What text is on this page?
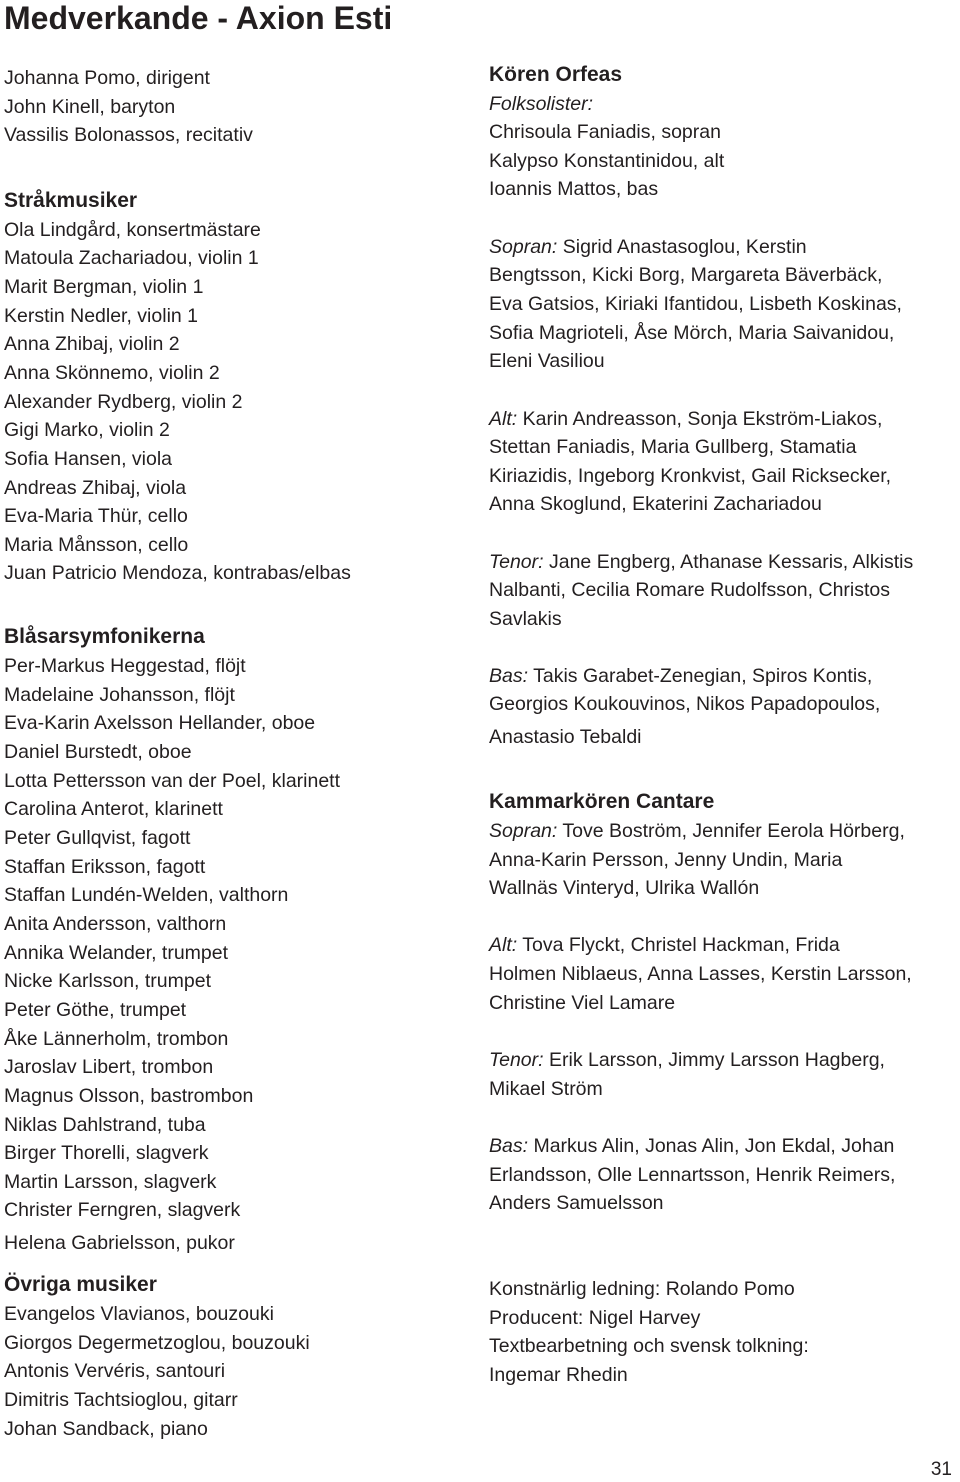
Medverkande - Axion Esti
Johanna Pomo, dirigent
John Kinell, baryton
Vassilis Bolonassos, recitativ
Stråkmusiker
Ola Lindgård, konsertmästare
Matoula Zachariadou, violin 1
Marit Bergman, violin 1
Kerstin Nedler, violin 1
Anna Zhibaj, violin 2
Anna Skönnemo, violin 2
Alexander Rydberg, violin 2
Gigi Marko, violin 2
Sofia Hansen, viola
Andreas Zhibaj, viola
Eva-Maria Thür, cello
Maria Månsson, cello
Juan Patricio Mendoza, kontrabas/elbas
Blåsarsymfonikerna
Per-Markus Heggestad, flöjt
Madelaine Johansson, flöjt
Eva-Karin Axelsson Hellander, oboe
Daniel Burstedt, oboe
Lotta Pettersson van der Poel, klarinett
Carolina Anterot, klarinett
Peter Gullqvist, fagott
Staffan Eriksson, fagott
Staffan Lundén-Welden, valthorn
Anita Andersson, valthorn
Annika Welander, trumpet
Nicke Karlsson, trumpet
Peter Göthe, trumpet
Åke Lännerholm, trombon
Jaroslav Libert, trombon
Magnus Olsson, bastrombon
Niklas Dahlstrand, tuba
Birger Thorelli, slagverk
Martin Larsson, slagverk
Christer Ferngren, slagverk
Helena Gabrielsson, pukor
Övriga musiker
Evangelos Vlavianos, bouzouki
Giorgos Degermetzoglou, bouzouki
Antonis Vervéris, santouri
Dimitris Tachtsioglou, gitarr
Johan Sandback, piano
Kören Orfeas
Folksolister:
Chrisoula Faniadis, sopran
Kalypso Konstantinidou, alt
Ioannis Mattos, bas
Sopran: Sigrid Anastasoglou, Kerstin
Bengtsson, Kicki Borg, Margareta Bäverbäck,
Eva Gatsios, Kiriaki Ifantidou, Lisbeth Koskinas,
Sofia Magrioteli, Åse Mörch, Maria Saivanidou,
Eleni Vasiliou
Alt: Karin Andreasson, Sonja Ekström-Liakos,
Stettan Faniadis, Maria Gullberg, Stamatia
Kiriazidis, Ingeborg Kronkvist, Gail Ricksecker,
Anna Skoglund, Ekaterini Zachariadou
Tenor: Jane Engberg, Athanase Kessaris, Alkistis
Nalbanti, Cecilia Romare Rudolfsson, Christos
Savlakis
Bas: Takis Garabet-Zenegian, Spiros Kontis,
Georgios Koukouvinos, Nikos Papadopoulos,
Anastasio Tebaldi
Kammarkören Cantare
Sopran: Tove Boström, Jennifer Eerola Hörberg,
Anna-Karin Persson, Jenny Undin, Maria
Wallnäs Vinteryd, Ulrika Wallón
Alt: Tova Flyckt, Christel Hackman, Frida
Holmen Niblaeus, Anna Lasses, Kerstin Larsson,
Christine Viel Lamare
Tenor: Erik Larsson, Jimmy Larsson Hagberg,
Mikael Ström
Bas: Markus Alin, Jonas Alin, Jon Ekdal, Johan
Erlandsson, Olle Lennartsson, Henrik Reimers,
Anders Samuelsson
Konstnärlig ledning: Rolando Pomo
Producent: Nigel Harvey
Textbearbetning och svensk tolkning:
Ingemar Rhedin
31
